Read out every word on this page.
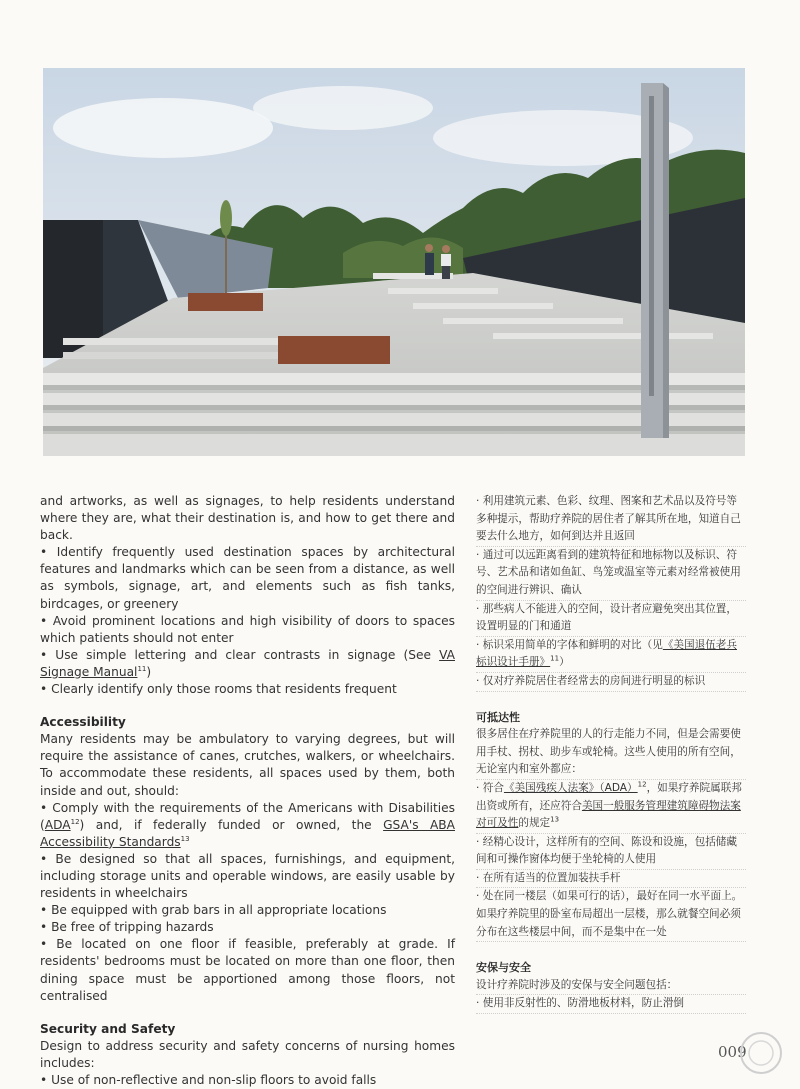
and artworks, as well as signages, to help residents understand where they are, what their destination is, and how to get there and back.

• Identify frequently used destination spaces by architectural features and landmarks which can be seen from a distance, as well as symbols, signage, art, and elements such as fish tanks, birdcages, or greenery

• Avoid prominent locations and high visibility of doors to spaces which patients should not enter

• Use simple lettering and clear contrasts in signage (See VA Signage Manual$^{11}$)

• Clearly identify only those rooms that residents frequent

Accessibility

Many residents may be ambulatory to varying degrees, but will require the assistance of canes, crutches, walkers, or wheelchairs. To accommodate these residents, all spaces used by them, both inside and out, should:

• Comply with the requirements of the Americans with Disabilities (ADA$^{12}$) and, if federally funded or owned, the GSA's ABA Accessibility Standards$^{13}$

• Be designed so that all spaces, furnishings, and equipment, including storage units and operable windows, are easily usable by residents in wheelchairs

• Be equipped with grab bars in all appropriate locations

• Be free of tripping hazards

• Be located on one floor if feasible, preferably at grade. If residents' bedrooms must be located on more than one floor, then dining space must be apportioned among those floors, not centralised

Security and Safety

Design to address security and safety concerns of nursing homes includes:

• Use of non-reflective and non-slip floors to avoid falls

· 利用建筑元素、色彩、纹理、图案和艺术品以及符号等多种提示，帮助疗养院的居住者了解其所在地，知道自己要去什么地方，如何到达并且返回

· 通过可以远距离看到的建筑特征和地标物以及标识、符号、艺术品和诸如鱼缸、鸟笼或温室等元素对经常被使用的空间进行辨识、确认

· 那些病人不能进入的空间，设计者应避免突出其位置，设置明显的门和通道

· 标识采用简单的字体和鲜明的对比（见《美国退伍老兵标识设计手册》$^{11}$）

· 仅对疗养院居住者经常去的房间进行明显的标识

可抵达性

很多居住在疗养院里的人的行走能力不同，但是会需要使用手杖、拐杖、助步车或轮椅。这些人使用的所有空间，无论室内和室外都应：

· 符合《美国残疾人法案》（ADA）$^{12}$，如果疗养院属联邦出资或所有，还应符合美国一般服务管理建筑障碍物法案对可及性的规定$^{13}$

· 经精心设计，这样所有的空间、陈设和设施，包括储藏间和可操作窗体均便于坐轮椅的人使用

· 在所有适当的位置加装扶手杆

· 处在同一楼层（如果可行的话），最好在同一水平面上。如果疗养院里的卧室布局超出一层楼，那么就餐空间必须分布在这些楼层中间，而不是集中在一处

安保与安全

设计疗养院时涉及的安保与安全问题包括：

· 使用非反射性的、防滑地板材料，防止滑倒

009
